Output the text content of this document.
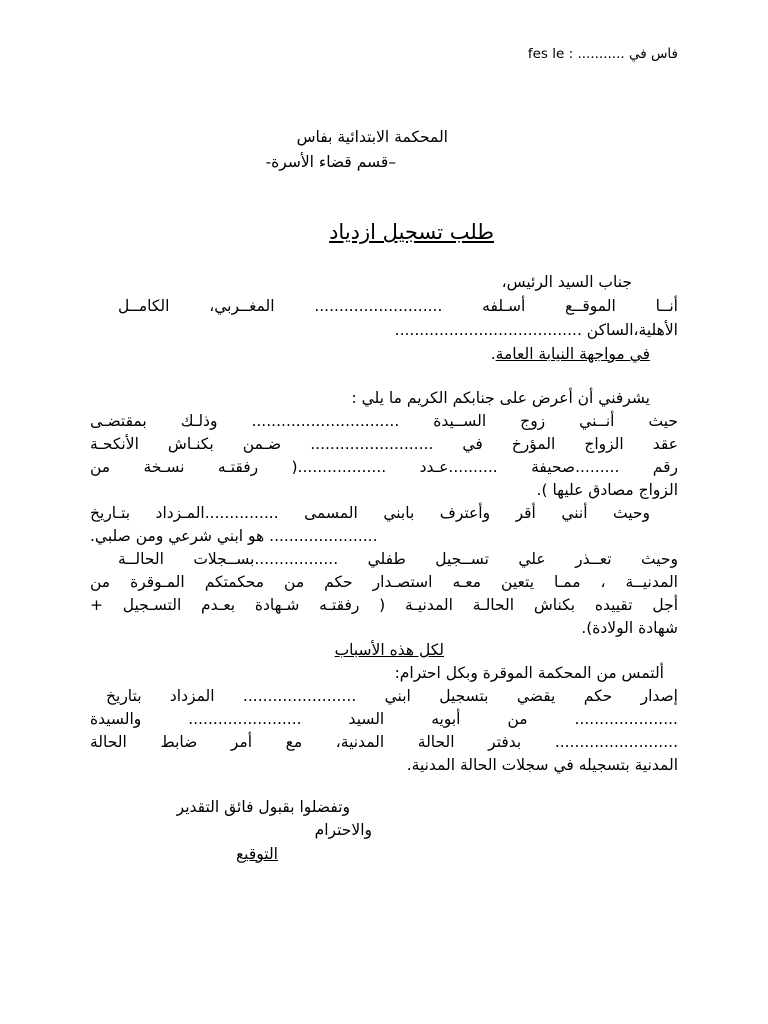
fes le : ........... فاس في
المحكمة الابتدائية بفاس
–قسم قضاء الأسرة-
طلب تسجيل ازدياد
جناب السيد الرئيس،
أنــا الموقــع أسـلفه .......................... المغــربي، الكامــل
الأهلية،الساكن ......................................
في مواجهة النيابة العامة.
يشرفني أن أعرض على جنابكم الكريم ما يلي :
حيث أنــني زوج الســيدة .............................. وذلـك بمقتضـى
عقد الزواج المؤرخ في ......................... ضـمن بكنـاش الأنكحـة
رقم .........صحيفة ..........عـدد ..................( رفقتـه نسـخة من
الزواج مصادق عليها ).
وحيث أنني أقر وأعترف بابني المسمى ...............المـزداد بتـاريخ
...................... هو ابني شرعي ومن صلبي.
وحيث تعــذر علي تســجيل طفلي .................بســجلات الحالــة
المدنيــة ، ممـا يتعين معـه استصـدار حكم من محكمتكم المـوقرة من
أجل تقييده بكناش الحالـة المدنيـة ( رفقتـه شـهادة بعـدم التسـجيل +
شهادة الولادة).
لكل هذه الأسباب
ألتمس من المحكمة الموقرة وبكل احترام:
إصدار حكم يقضي بتسجيل ابني ....................... المزداد بتاريخ
..................... من أبويه السيد ....................... والسيدة
......................... بدفتر الحالة المدنية، مع أمر ضابط الحالة
المدنية بتسجيله في سجلات الحالة المدنية.
وتفضلوا بقبول فائق التقدير
والاحترام
التوقيع
